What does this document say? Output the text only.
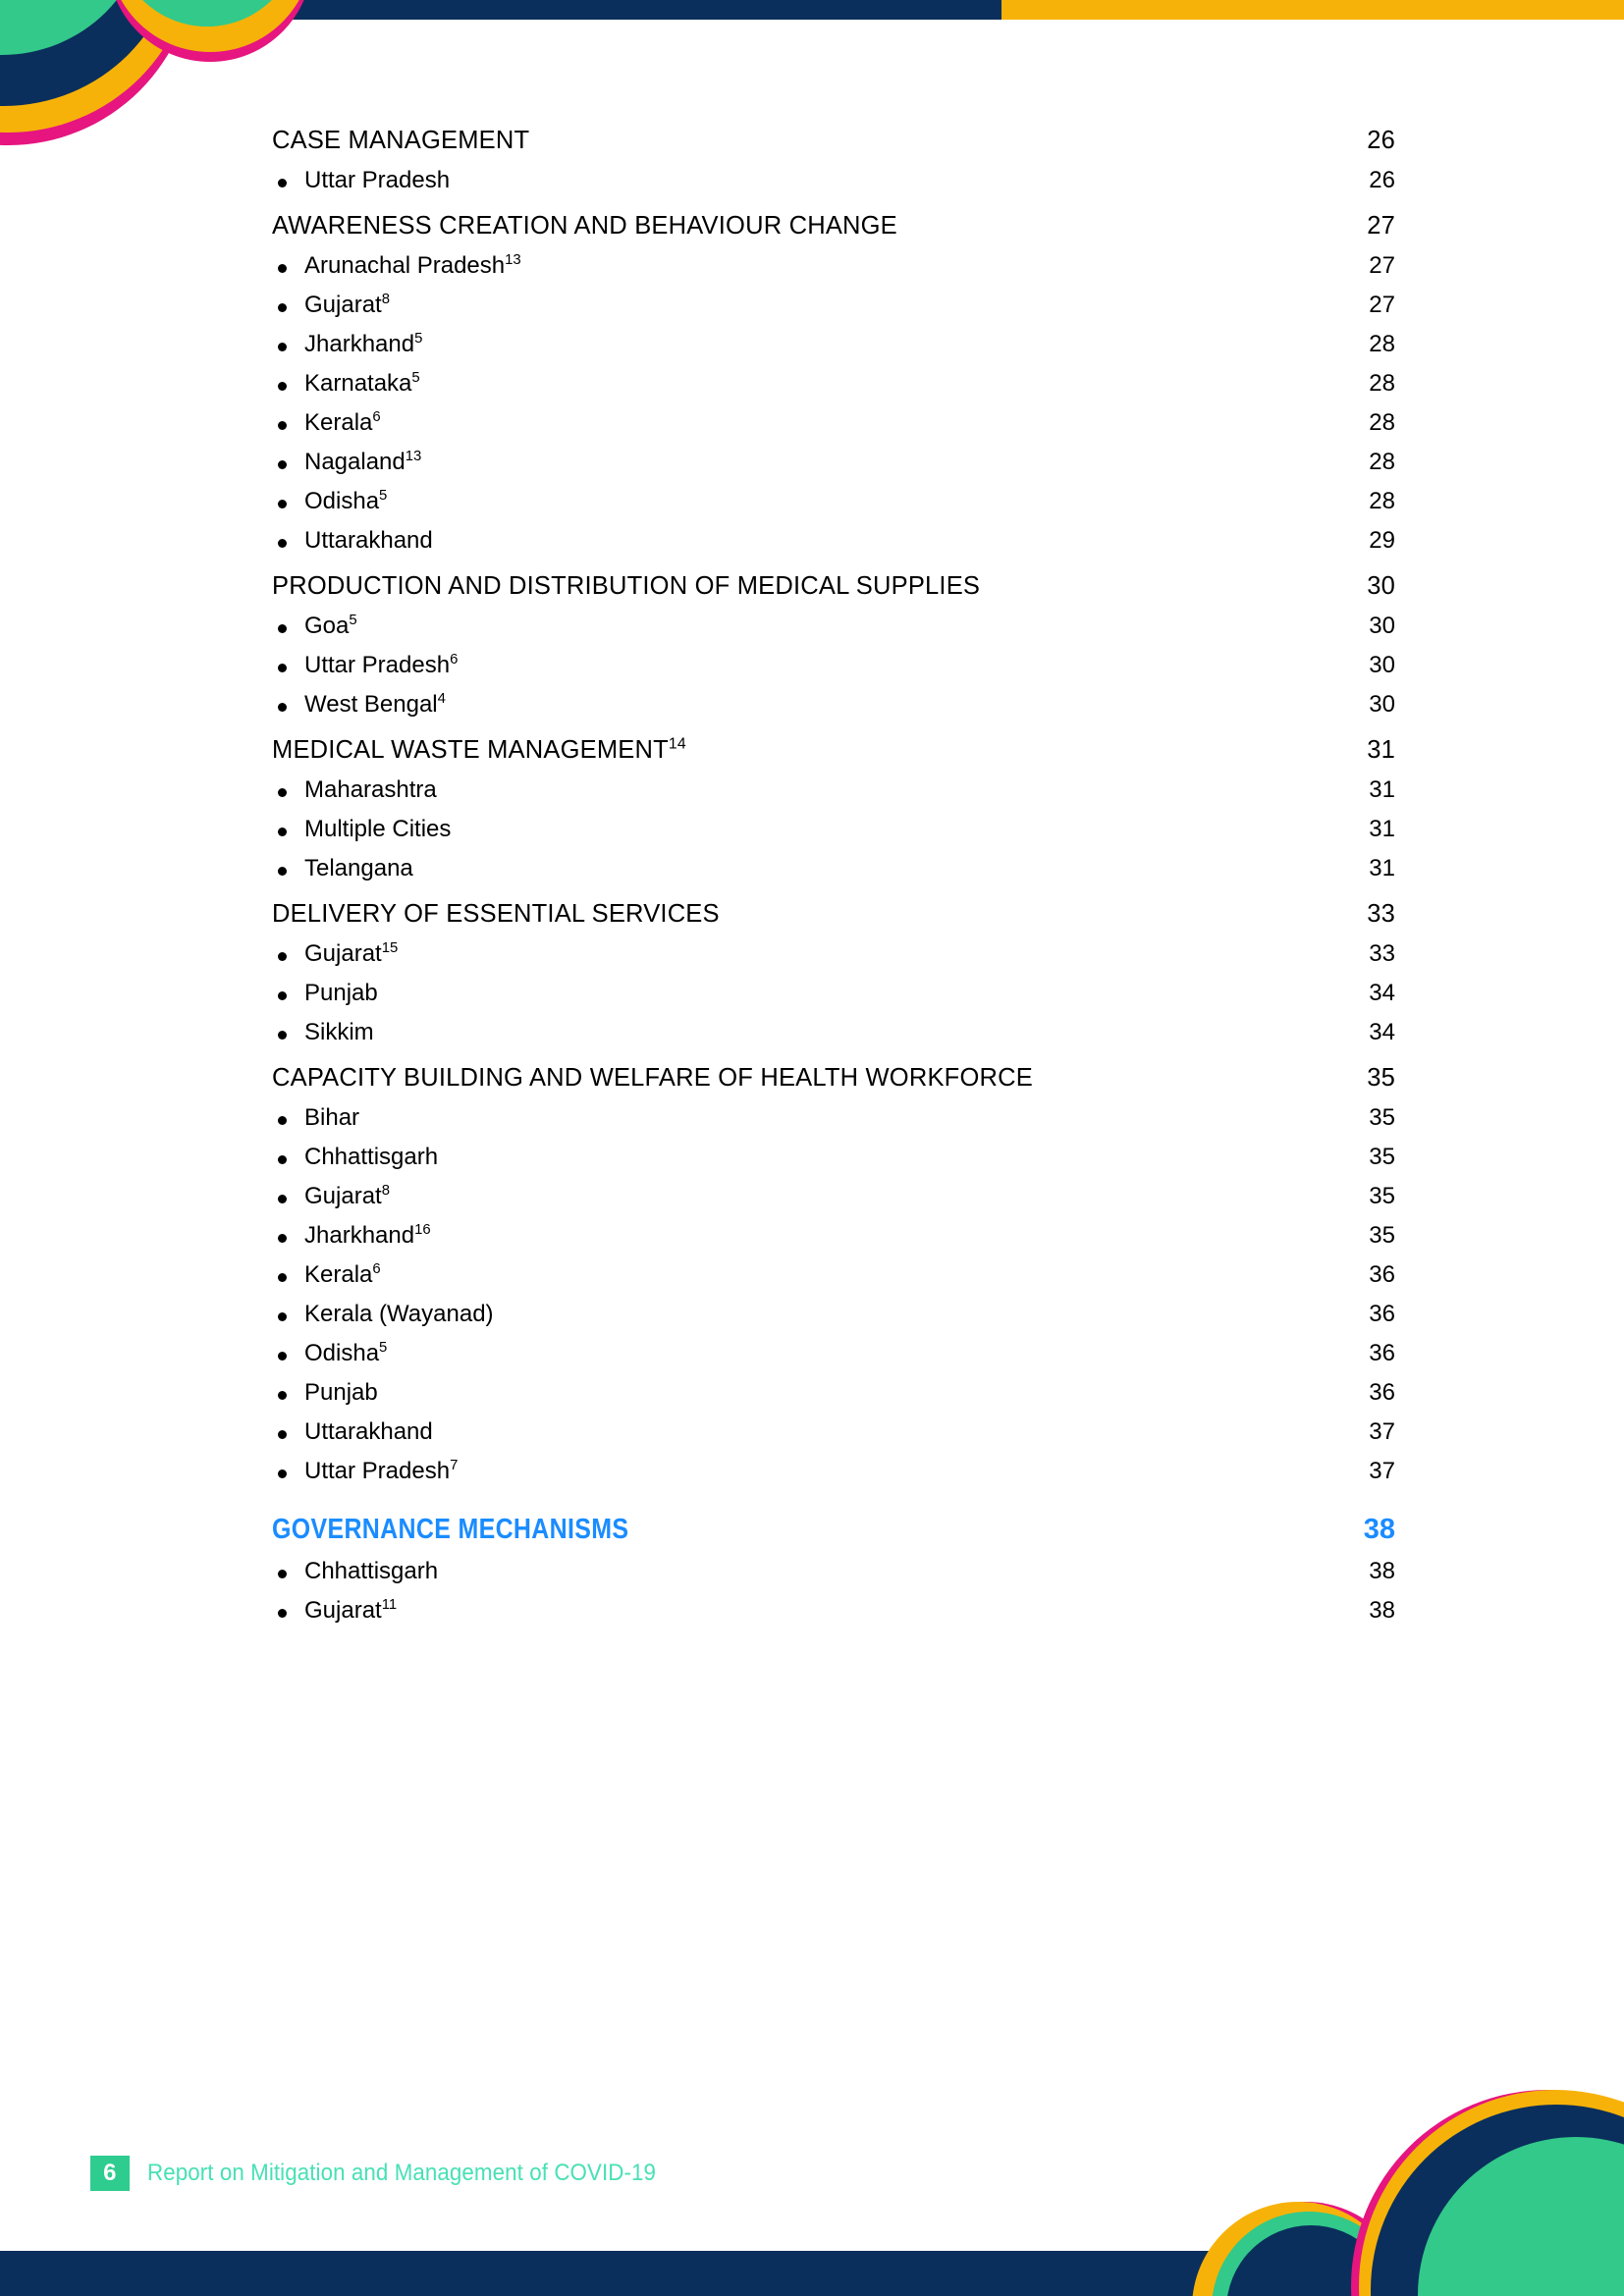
CASE MANAGEMENT	26
Uttar Pradesh	26
AWARENESS CREATION AND BEHAVIOUR CHANGE	27
Arunachal Pradesh$^{13}$	27
Gujarat$^8$	27
Jharkhand$^5$	28
Karnataka$^5$	28
Kerala$^6$	28
Nagaland$^{13}$	28
Odisha$^5$	28
Uttarakhand	29
PRODUCTION AND DISTRIBUTION OF MEDICAL SUPPLIES	30
Goa$^5$	30
Uttar Pradesh$^6$	30
West Bengal$^4$	30
MEDICAL WASTE MANAGEMENT$^{14}$	31
Maharashtra	31
Multiple Cities	31
Telangana	31
DELIVERY OF ESSENTIAL SERVICES	33
Gujarat$^{15}$	33
Punjab	34
Sikkim	34
CAPACITY BUILDING AND WELFARE OF HEALTH WORKFORCE	35
Bihar	35
Chhattisgarh	35
Gujarat$^8$	35
Jharkhand$^{16}$	35
Kerala$^6$	36
Kerala (Wayanad)	36
Odisha$^5$	36
Punjab	36
Uttarakhand	37
Uttar Pradesh$^7$	37
GOVERNANCE MECHANISMS	38
Chhattisgarh	38
Gujarat$^{11}$	38
6	Report on Mitigation and Management of COVID-19
